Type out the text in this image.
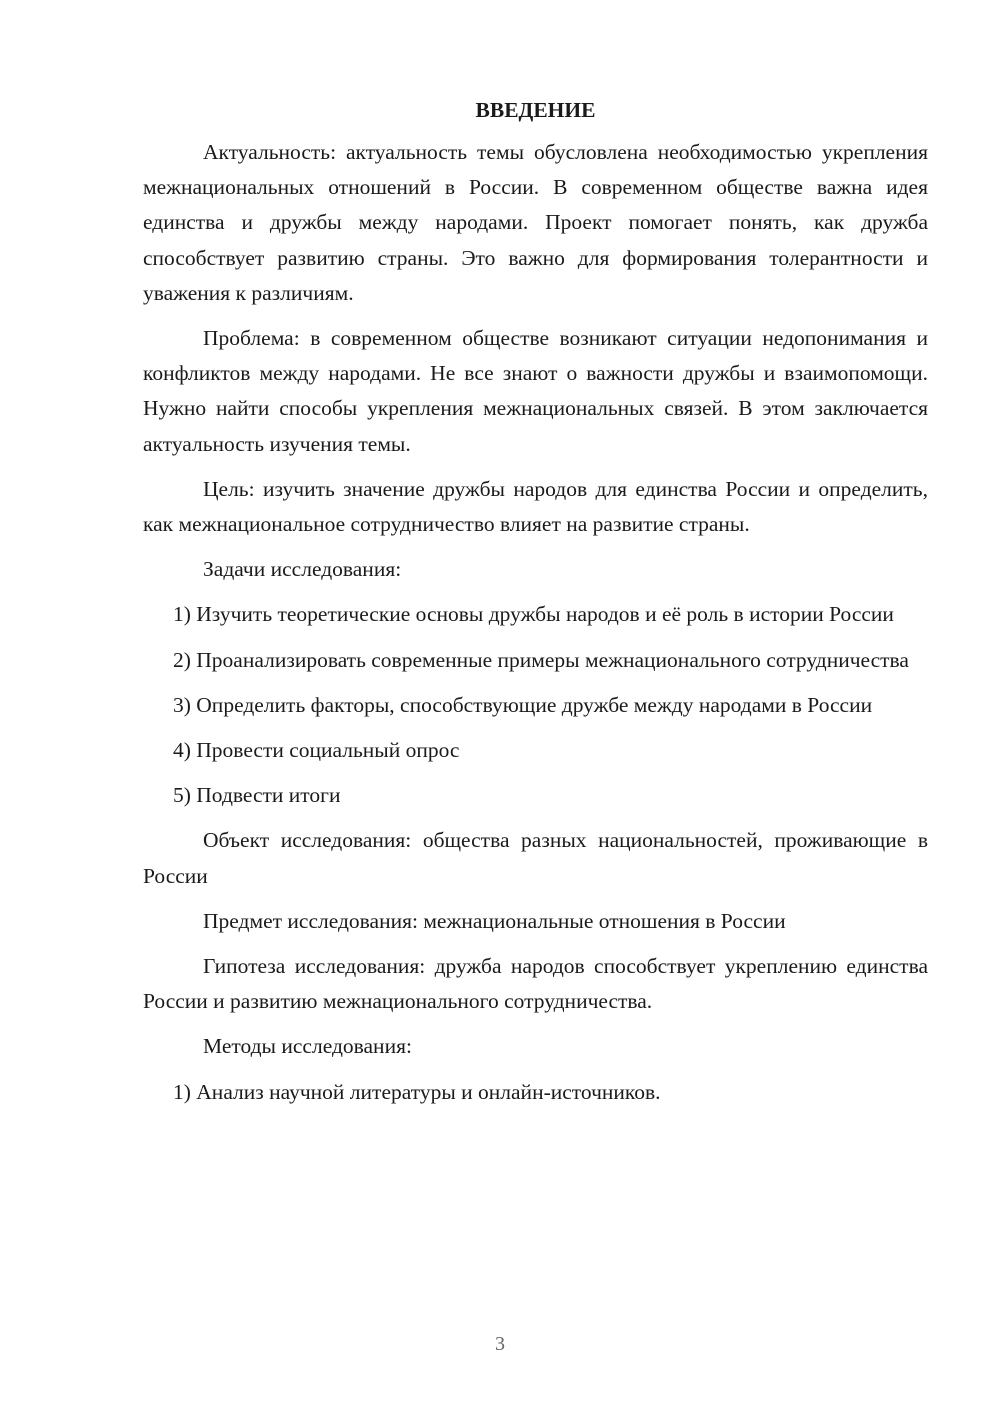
ВВЕДЕНИЕ

Актуальность: актуальность темы обусловлена необходимостью укрепления межнациональных отношений в России. В современном обществе важна идея единства и дружбы между народами. Проект помогает понять, как дружба способствует развитию страны. Это важно для формирования толерантности и уважения к различиям.

Проблема: в современном обществе возникают ситуации недопонимания и конфликтов между народами. Не все знают о важности дружбы и взаимопомощи. Нужно найти способы укрепления межнациональных связей. В этом заключается актуальность изучения темы.

Цель: изучить значение дружбы народов для единства России и определить, как межнациональное сотрудничество влияет на развитие страны.

Задачи исследования:

1) Изучить теоретические основы дружбы народов и её роль в истории России

2) Проанализировать современные примеры межнационального сотрудничества

3) Определить факторы, способствующие дружбе между народами в России

4) Провести социальный опрос

5) Подвести итоги

Объект исследования: общества разных национальностей, проживающие в России

Предмет исследования: межнациональные отношения в России

Гипотеза исследования: дружба народов способствует укреплению единства России и развитию межнационального сотрудничества.

Методы исследования:

1) Анализ научной литературы и онлайн-источников.

3
